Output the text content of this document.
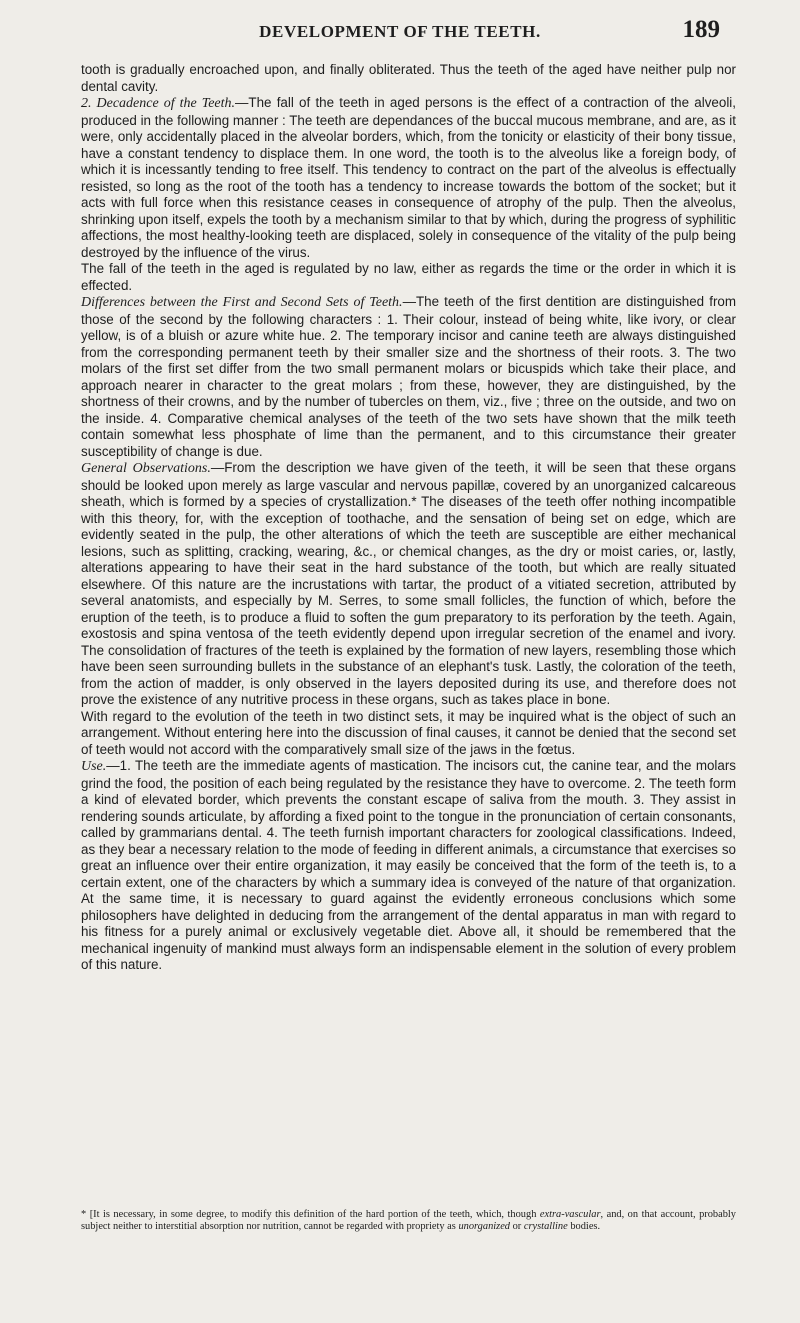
DEVELOPMENT OF THE TEETH.	189

tooth is gradually encroached upon, and finally obliterated. Thus the teeth of the aged have neither pulp nor dental cavity.

2. Decadence of the Teeth.—The fall of the teeth in aged persons is the effect of a contraction of the alveoli, produced in the following manner : The teeth are dependances of the buccal mucous membrane, and are, as it were, only accidentally placed in the alveolar borders, which, from the tonicity or elasticity of their bony tissue, have a constant tendency to displace them. In one word, the tooth is to the alveolus like a foreign body, of which it is incessantly tending to free itself. This tendency to contract on the part of the alveolus is effectually resisted, so long as the root of the tooth has a tendency to increase towards the bottom of the socket; but it acts with full force when this resistance ceases in consequence of atrophy of the pulp. Then the alveolus, shrinking upon itself, expels the tooth by a mechanism similar to that by which, during the progress of syphilitic affections, the most healthy-looking teeth are displaced, solely in consequence of the vitality of the pulp being destroyed by the influence of the virus.

The fall of the teeth in the aged is regulated by no law, either as regards the time or the order in which it is effected.

Differences between the First and Second Sets of Teeth.—The teeth of the first dentition are distinguished from those of the second by the following characters : 1. Their colour, instead of being white, like ivory, or clear yellow, is of a bluish or azure white hue. 2. The temporary incisor and canine teeth are always distinguished from the corresponding permanent teeth by their smaller size and the shortness of their roots. 3. The two molars of the first set differ from the two small permanent molars or bicuspids which take their place, and approach nearer in character to the great molars ; from these, however, they are distinguished, by the shortness of their crowns, and by the number of tubercles on them, viz., five ; three on the outside, and two on the inside. 4. Comparative chemical analyses of the teeth of the two sets have shown that the milk teeth contain somewhat less phosphate of lime than the permanent, and to this circumstance their greater susceptibility of change is due.

General Observations.—From the description we have given of the teeth, it will be seen that these organs should be looked upon merely as large vascular and nervous papillæ, covered by an unorganized calcareous sheath, which is formed by a species of crystallization.* The diseases of the teeth offer nothing incompatible with this theory, for, with the exception of toothache, and the sensation of being set on edge, which are evidently seated in the pulp, the other alterations of which the teeth are susceptible are either mechanical lesions, such as splitting, cracking, wearing, &c., or chemical changes, as the dry or moist caries, or, lastly, alterations appearing to have their seat in the hard substance of the tooth, but which are really situated elsewhere. Of this nature are the incrustations with tartar, the product of a vitiated secretion, attributed by several anatomists, and especially by M. Serres, to some small follicles, the function of which, before the eruption of the teeth, is to produce a fluid to soften the gum preparatory to its perforation by the teeth. Again, exostosis and spina ventosa of the teeth evidently depend upon irregular secretion of the enamel and ivory. The consolidation of fractures of the teeth is explained by the formation of new layers, resembling those which have been seen surrounding bullets in the substance of an elephant's tusk. Lastly, the coloration of the teeth, from the action of madder, is only observed in the layers deposited during its use, and therefore does not prove the existence of any nutritive process in these organs, such as takes place in bone.

With regard to the evolution of the teeth in two distinct sets, it may be inquired what is the object of such an arrangement. Without entering here into the discussion of final causes, it cannot be denied that the second set of teeth would not accord with the comparatively small size of the jaws in the fœtus.

Use.—1. The teeth are the immediate agents of mastication. The incisors cut, the canine tear, and the molars grind the food, the position of each being regulated by the resistance they have to overcome. 2. The teeth form a kind of elevated border, which prevents the constant escape of saliva from the mouth. 3. They assist in rendering sounds articulate, by affording a fixed point to the tongue in the pronunciation of certain consonants, called by grammarians dental. 4. The teeth furnish important characters for zoological classifications. Indeed, as they bear a necessary relation to the mode of feeding in different animals, a circumstance that exercises so great an influence over their entire organization, it may easily be conceived that the form of the teeth is, to a certain extent, one of the characters by which a summary idea is conveyed of the nature of that organization. At the same time, it is necessary to guard against the evidently erroneous conclusions which some philosophers have delighted in deducing from the arrangement of the dental apparatus in man with regard to his fitness for a purely animal or exclusively vegetable diet. Above all, it should be remembered that the mechanical ingenuity of mankind must always form an indispensable element in the solution of every problem of this nature.

* [It is necessary, in some degree, to modify this definition of the hard portion of the teeth, which, though extra-vascular, and, on that account, probably subject neither to interstitial absorption nor nutrition, cannot be regarded with propriety as unorganized or crystalline bodies.
